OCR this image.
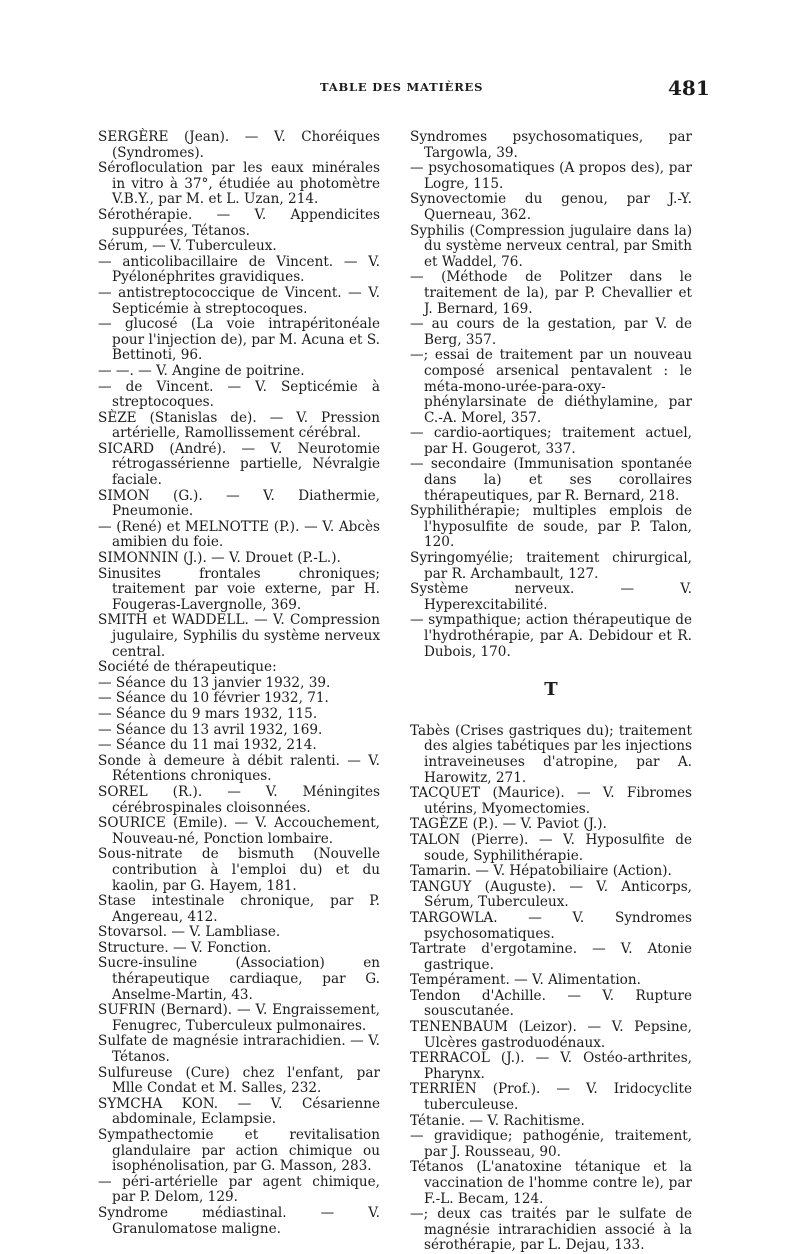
TABLE DES MATIÈRES	481

SERGÈRE (Jean). — V. Choréiques (Syndromes).

Sérofloculation par les eaux minérales in vitro à 37°, étudiée au photomètre V.B.Y., par M. et L. Uzan, 214.

Sérothérapie. — V. Appendicites suppurées, Tétanos.

Sérum, — V. Tuberculeux.

— anticolibacillaire de Vincent. — V. Pyélonéphrites gravidiques.

— antistreptococcique de Vincent. — V. Septicémie à streptocoques.

— glucosé (La voie intrapéritonéale pour l'injection de), par M. Acuna et S. Bettinoti, 96.

— —. — V. Angine de poitrine.

— de Vincent. — V. Septicémie à streptocoques.

SÈZE (Stanislas de). — V. Pression artérielle, Ramollissement cérébral.

SICARD (André). — V. Neurotomie rétrogassérienne partielle, Névralgie faciale.

SIMON (G.). — V. Diathermie, Pneumonie.

— (René) et MELNOTTE (P.). — V. Abcès amibien du foie.

SIMONNIN (J.). — V. Drouet (P.-L.).

Sinusites frontales chroniques; traitement par voie externe, par H. Fougeras-Lavergnolle, 369.

SMITH et WADDELL. — V. Compression jugulaire, Syphilis du système nerveux central.

Société de thérapeutique:

— Séance du 13 janvier 1932, 39.

— Séance du 10 février 1932, 71.

— Séance du 9 mars 1932, 115.

— Séance du 13 avril 1932, 169.

— Séance du 11 mai 1932, 214.

Sonde à demeure à débit ralenti. — V. Rétentions chroniques.

SOREL (R.). — V. Méningites cérébrospinales cloisonnées.

SOURICE (Emile). — V. Accouchement, Nouveau-né, Ponction lombaire.

Sous-nitrate de bismuth (Nouvelle contribution à l'emploi du) et du kaolin, par G. Hayem, 181.

Stase intestinale chronique, par P. Angereau, 412.

Stovarsol. — V. Lambliase.

Structure. — V. Fonction.

Sucre-insuline (Association) en thérapeutique cardiaque, par G. Anselme-Martin, 43.

SUFRIN (Bernard). — V. Engraissement, Fenugrec, Tuberculeux pulmonaires.

Sulfate de magnésie intrarachidien. — V. Tétanos.

Sulfureuse (Cure) chez l'enfant, par Mlle Condat et M. Salles, 232.

SYMCHA KON. — V. Césarienne abdominale, Eclampsie.

Sympathectomie et revitalisation glandulaire par action chimique ou isophénolisation, par G. Masson, 283.

— péri-artérielle par agent chimique, par P. Delom, 129.

Syndrome médiastinal. — V. Granulomatose maligne.

Syndromes psychosomatiques, par Targowla, 39.

— psychosomatiques (A propos des), par Logre, 115.

Synovectomie du genou, par J.-Y. Querneau, 362.

Syphilis (Compression jugulaire dans la) du système nerveux central, par Smith et Waddel, 76.

— (Méthode de Politzer dans le traitement de la), par P. Chevallier et J. Bernard, 169.

— au cours de la gestation, par V. de Berg, 357.

—; essai de traitement par un nouveau composé arsenical pentavalent : le méta-mono-urée-para-oxy-phénylarsinate de diéthylamine, par C.-A. Morel, 357.

— cardio-aortiques; traitement actuel, par H. Gougerot, 337.

— secondaire (Immunisation spontanée dans la) et ses corollaires thérapeutiques, par R. Bernard, 218.

Syphilithérapie; multiples emplois de l'hyposulfite de soude, par P. Talon, 120.

Syringomyélie; traitement chirurgical, par R. Archambault, 127.

Système nerveux. — V. Hyperexcitabilité.

— sympathique; action thérapeutique de l'hydrothérapie, par A. Debidour et R. Dubois, 170.

T

Tabès (Crises gastriques du); traitement des algies tabétiques par les injections intraveineuses d'atropine, par A. Harowitz, 271.

TACQUET (Maurice). — V. Fibromes utérins, Myomectomies.

TAGÈZE (P.). — V. Paviot (J.).

TALON (Pierre). — V. Hyposulfite de soude, Syphilithérapie.

Tamarin. — V. Hépatobiliaire (Action).

TANGUY (Auguste). — V. Anticorps, Sérum, Tuberculeux.

TARGOWLA. — V. Syndromes psychosomatiques.

Tartrate d'ergotamine. — V. Atonie gastrique.

Tempérament. — V. Alimentation.

Tendon d'Achille. — V. Rupture souscutanée.

TENENBAUM (Leizor). — V. Pepsine, Ulcères gastroduodénaux.

TERRACOL (J.). — V. Ostéo-arthrites, Pharynx.

TERRIEN (Prof.). — V. Iridocyclite tuberculeuse.

Tétanie. — V. Rachitisme.

— gravidique; pathogénie, traitement, par J. Rousseau, 90.

Tétanos (L'anatoxine tétanique et la vaccination de l'homme contre le), par F.-L. Becam, 124.

—; deux cas traités par le sulfate de magnésie intrarachidien associé à la sérothérapie, par L. Dejau, 133.
